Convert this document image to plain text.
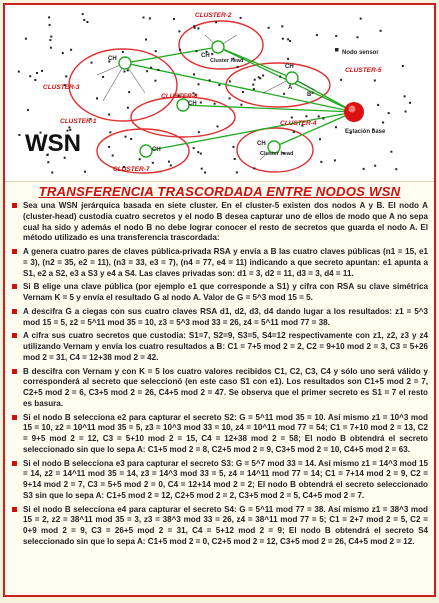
CLUSTER-1
CLUSTER-2
CLUSTER-3
CLUSTER-4
CLUSTER-5
CLUSTER-6
CLUSTER-7
CH	CH
Cluster head
CH
CH
CH
CH
Cluster head
A
B
Nodo sensor
Estación base
WSN
TRANSFERENCIA TRASCORDADA ENTRE NODOS WSN
Sea una WSN jerárquica basada en siete cluster. En el cluster-5 existen dos nodos A y B. El nodo A (cluster-head) custodia cuatro secretos y el nodo B desea capturar uno de ellos de modo que A no sepa cual ha sido y además el nodo B no debe lograr conocer el resto de secretos que guarda el nodo A. El método utilizado es una transferencia trascordada:
A genera cuatro pares de claves pública-privada RSA y envía a B las cuatro claves públicas (n1 = 15, e1 = 3), (n2 = 35, e2 = 11), (n3 = 33, e3 = 7), (n4 = 77, e4 = 11) indicando a que secreto apuntan: e1 apunta a S1, e2 a S2, e3 a S3 y e4 a S4. Las claves privadas son: d1 = 3, d2 = 11, d3 = 3, d4 = 11.
Si B elige una clave pública (por ejemplo e1 que corresponde a S1) y cifra con RSA su clave simétrica Vernam K = 5 y envía el resultado G al nodo A. Valor de G = 5^3 mod 15 = 5.
A descifra G a ciegas con sus cuatro claves RSA d1, d2, d3, d4 dando lugar a los resultados: z1 = 5^3 mod 15 = 5, z2 = 5^11 mod 35 = 10, z3 = 5^3 mod 33 = 26, z4 = 5^11 mod 77 = 38.
A cifra sus cuatro secretos que custodia: S1=7, S2=9, S3=5, S4=12 respectivamente con z1, z2, z3 y z4 utilizando Vernam y envía los cuatro resultados a B: C1 = 7+5 mod 2 = 2, C2 = 9+10 mod 2 = 3, C3 = 5+26 mod 2 = 31, C4 = 12+38 mod 2 = 42.
B descifra con Vernam y con K = 5 los cuatro valores recibidos C1, C2, C3, C4 y sólo uno será válido y corresponderá al secreto que seleccionó (en este caso S1 con e1). Los resultados son C1+5 mod 2 = 7, C2+5 mod 2 = 6, C3+5 mod 2 = 26, C4+5 mod 2 = 47. Se observa que el primer secreto es S1 = 7 el resto es basura.
Si el nodo B selecciona e2 para capturar el secreto S2: G = 5^11 mod 35 = 10. Así mismo z1 = 10^3 mod 15 = 10, z2 = 10^11 mod 35 = 5, z3 = 10^3 mod 33 = 10, z4 = 10^11 mod 77 = 54; C1 = 7+10 mod 2 = 13, C2 = 9+5 mod 2 = 12, C3 = 5+10 mod 2 = 15, C4 = 12+38 mod 2 = 58; El nodo B obtendrá el secreto seleccionado sin que lo sepa A: C1+5 mod 2 = 8, C2+5 mod 2 = 9, C3+5 mod 2 = 10, C4+5 mod 2 = 63.
Si el nodo B selecciona e3 para capturar el secreto S3: G = 5^7 mod 33 = 14. Así mismo z1 = 14^3 mod 15 = 14, z2 = 14^11 mod 35 = 14, z3 = 14^3 mod 33 = 5, z4 = 14^11 mod 77 = 14; C1 = 7+14 mod 2 = 9, C2 = 9+14 mod 2 = 7, C3 = 5+5 mod 2 = 0, C4 = 12+14 mod 2 = 2; El nodo B obtendrá el secreto seleccionado S3 sin que lo sepa A: C1+5 mod 2 = 12, C2+5 mod 2 = 2, C3+5 mod 2 = 5, C4+5 mod 2 = 7.
Si el nodo B selecciona e4 para capturar el secreto S4: G = 5^11 mod 77 = 38. Así mismo z1 = 38^3 mod 15 = 2, z2 = 38^11 mod 35 = 3, z3 = 38^3 mod 33 = 26, z4 = 38^11 mod 77 = 5; C1 = 2+7 mod 2 = 5, C2 = 0+9 mod 2 = 9, C3 = 26+5 mod 2 = 31, C4 = 5+12 mod 2 = 9; El nodo B obtendrá el secreto S4 seleccionado sin que lo sepa A: C1+5 mod 2 = 0, C2+5 mod 2 = 12, C3+5 mod 2 = 26, C4+5 mod 2 = 12.
